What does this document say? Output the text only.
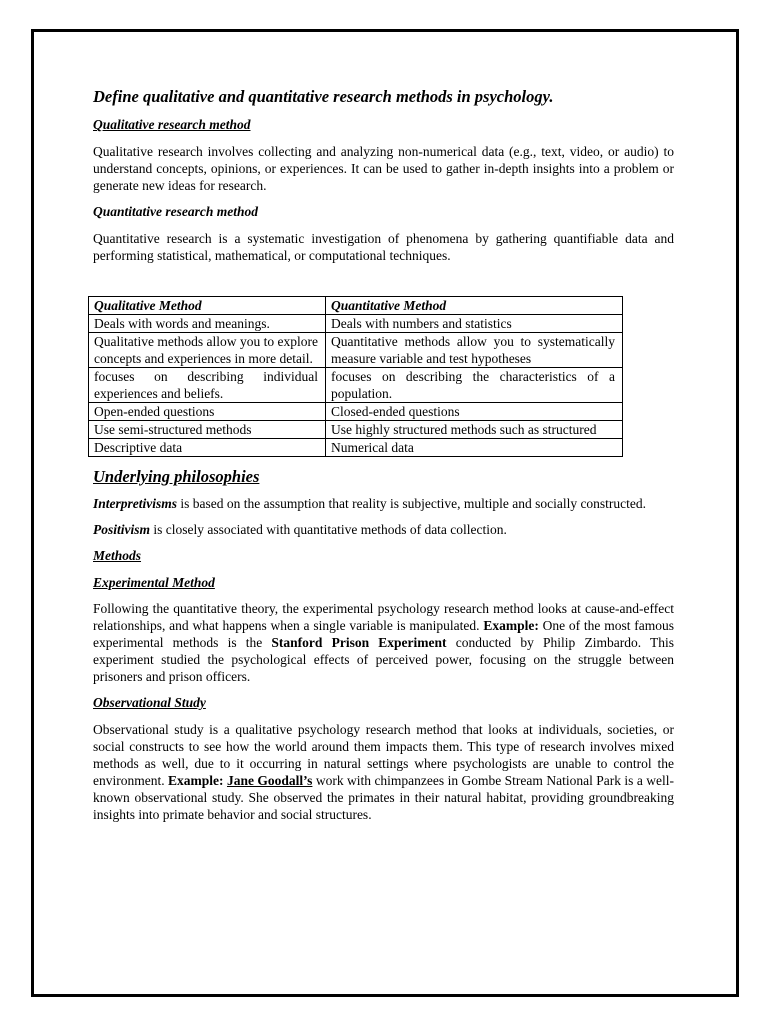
Define qualitative and quantitative research methods in psychology.
Qualitative research method

Qualitative research involves collecting and analyzing non-numerical data (e.g., text, video, or audio) to understand concepts, opinions, or experiences. It can be used to gather in-depth insights into a problem or generate new ideas for research.

Quantitative research method

Quantitative research is a systematic investigation of phenomena by gathering quantifiable data and performing statistical, mathematical, or computational techniques.

Qualitative Method	Quantitative Method
Deals with words and meanings.	Deals with numbers and statistics
Qualitative methods allow you to explore concepts and experiences in more detail.	Quantitative methods allow you to systematically measure variable and test hypotheses
focuses on describing individual experiences and beliefs.	focuses on describing the characteristics of a population.
Open-ended questions	Closed-ended questions
Use semi-structured methods	Use highly structured methods such as structured
Descriptive data	Numerical data
Underlying philosophies

Interpretivisms is based on the assumption that reality is subjective, multiple and socially constructed.

Positivism is closely associated with quantitative methods of data collection.

Methods
Experimental Method

Following the quantitative theory, the experimental psychology research method looks at cause-and-effect relationships, and what happens when a single variable is manipulated. Example: One of the most famous experimental methods is the Stanford Prison Experiment conducted by Philip Zimbardo. This experiment studied the psychological effects of perceived power, focusing on the struggle between prisoners and prison officers.

Observational Study

Observational study is a qualitative psychology research method that looks at individuals, societies, or social constructs to see how the world around them impacts them. This type of research involves mixed methods as well, due to it occurring in natural settings where psychologists are unable to control the environment. Example: Jane Goodall’s work with chimpanzees in Gombe Stream National Park is a well-known observational study. She observed the primates in their natural habitat, providing groundbreaking insights into primate behavior and social structures.
